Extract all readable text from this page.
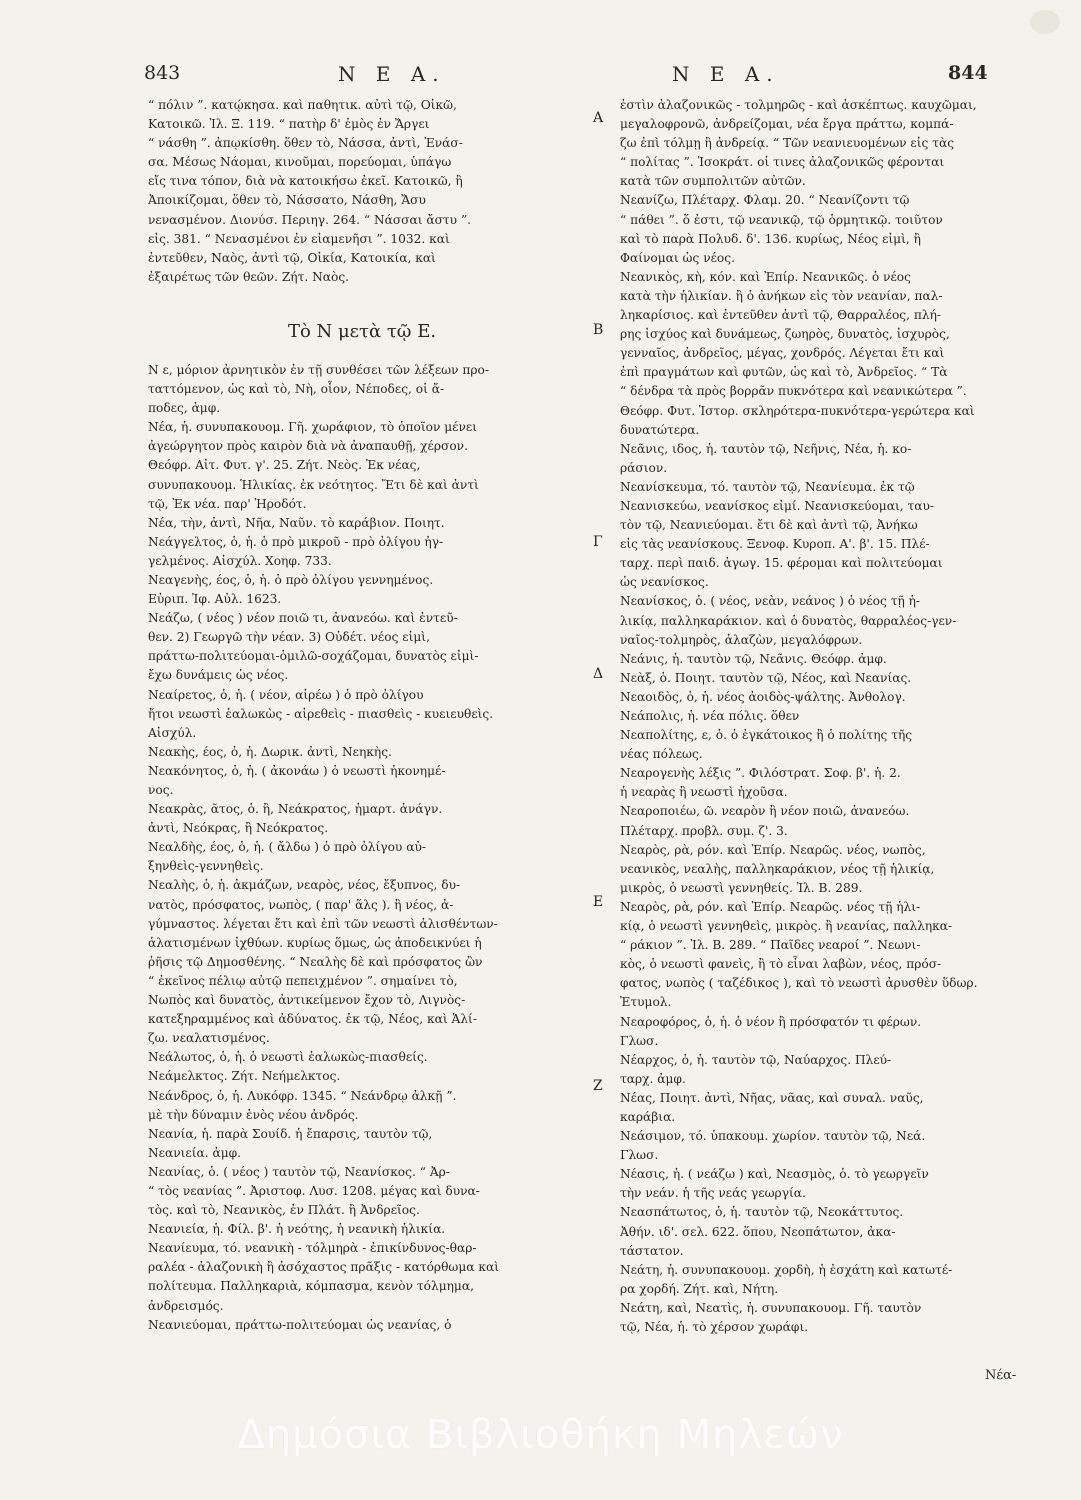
843	Ν Ε Α.	Ν Ε Α.	844

“ πόλιν ”. κατῴκησα. καὶ παθητικ. αὐτὶ τῷ, Οἰκῶ,

Κατοικῶ. Ἰλ. Ξ. 119. “ πατὴρ δ' ἐμὸς ἐν Ἄργει

“ νάσθη ”. ἀπῳκίσθη. ὅθεν τὸ, Νάσσα, ἀντὶ, Ἐνάσ-

σα. Μέσως Νάομαι, κινοῦμαι, πορεύομαι, ὑπάγω

εἴς τινα τόπον, διὰ νὰ κατοικήσω ἐκεῖ. Κατοικῶ, ἢ

Ἀποικίζομαι, ὅθεν τὸ, Νάσσατο, Νάσθη, Ἄσυ

νενασμένον. Διονύσ. Περιηγ. 264. “ Νάσσαι ἄστυ ”.

εἰς. 381. “ Νενασμένοι ἐν εἰαμενῆσι ”. 1032. καὶ

ἐντεῦθεν, Ναὸς, ἀντὶ τῷ, Οἰκία, Κατοικία, καὶ

ἐξαιρέτως τῶν θεῶν. Ζήτ. Ναὸς.

Τὸ Ν μετὰ τῷ Ε.

Ν ε, μόριον ἀρνητικὸν ἐν τῇ συνθέσει τῶν λέξεων προ-

ταττόμενον, ὡς καὶ τὸ, Νὴ, οἷον, Νέποδες, οἱ ἄ-

ποδες, ἀμφ.

Νέα, ἡ. συνυπακουομ. Γῆ. χωράφιον, τὸ ὁποῖον μένει

ἀγεώργητον πρὸς καιρὸν διὰ νὰ ἀναπαυθῇ, χέρσον.

Θεόφρ. Αἰτ. Φυτ. γ'. 25. Ζήτ. Νεὸς. Ἐκ νέας,

συνυπακουομ. Ἡλικίας. ἐκ νεότητος. Ἔτι δὲ καὶ ἀντὶ

τῷ, Ἐκ νέα. παρ' Ἡροδότ.

Νέα, τὴν, ἀντὶ, Νῆα, Ναῦν. τὸ καράβιον. Ποιητ.

Νεάγγελτος, ὁ, ἡ. ὁ πρὸ μικροῦ - πρὸ ὀλίγου ἠγ-

γελμένος. Αἰσχύλ. Χοηφ. 733.

Νεαγενὴς, έος, ὁ, ἡ. ὁ πρὸ ὀλίγου γεννημένος.

Εὐριπ. Ἰφ. Αὐλ. 1623.

Νεάζω, ( νέος ) νέον ποιῶ τι, ἀνανεόω. καὶ ἐντεῦ-

θεν. 2) Γεωργῶ τὴν νέαν. 3) Οὐδέτ. νέος εἰμὶ,

πράττω-πολιτεύομαι-ὁμιλῶ-σοχάζομαι, δυνατὸς εἰμὶ-

ἔχω δυνάμεις ὡς νέος.

Νεαίρετος, ὁ, ἡ. ( νέον, αἱρέω ) ὁ πρὸ ὀλίγου

ἤτοι νεωστὶ ἑαλωκὼς - αἱρεθεὶς - πιασθεὶς - κυειευθεὶς.

Αἰσχύλ.

Νεακὴς, έος, ὁ, ἡ. Δωρικ. ἀντὶ, Νεηκὴς.

Νεακόνητος, ὁ, ἡ. ( ἀκονάω ) ὁ νεωστὶ ἠκονημέ-

νος.

Νεακρὰς, ᾶτος, ὁ. ἢ, Νεάκρατος, ἡμαρτ. ἀνάγν.

ἀντὶ, Νεόκρας, ἢ Νεόκρατος.

Νεαλδὴς, έος, ὁ, ἡ. ( ἄλδω ) ὁ πρὸ ὀλίγου αὐ-

ξηνθεὶς-γεννηθεὶς.

Νεαλὴς, ὁ, ἡ. ἀκμάζων, νεαρὸς, νέος, ἔξυπνος, δυ-

νατὸς, πρόσφατος, νωπὸς, ( παρ' ἅλς ). ἢ νέος, ἀ-

γύμναστος. λέγεται ἔτι καὶ ἐπὶ τῶν νεωστὶ ἁλισθέντων-

ἁλατισμένων ἰχθύων. κυρίως ὅμως, ὡς ἀποδεικνύει ἡ

ῥῆσις τῷ Δημοσθένης. “ Νεαλὴς δὲ καὶ πρόσφατος ὢν

“ ἐκεῖνος πέλιῳ αὐτῷ πεπειχμένον ”. σημαίνει τὸ,

Νωπὸς καὶ δυνατὸς, ἀντικείμενον ἔχον τὸ, Λιγνὸς-

κατεξηραμμένος καὶ ἀδύνατος. ἐκ τῷ, Νέος, καὶ Ἁλί-

ζω. νεαλατισμένος.

Νεάλωτος, ὁ, ἡ. ὁ νεωστὶ ἑαλωκὼς-πιασθείς.

Νεάμελκτος. Ζήτ. Νεήμελκτος.

Νεάνδρος, ὁ, ἡ. Λυκόφρ. 1345. “ Νεάνδρῳ ἀλκῇ ”.

μὲ τὴν δύναμιν ἑνὸς νέου ἀνδρός.

Νεανία, ἡ. παρὰ Σουίδ. ἡ ἔπαρσις, ταυτὸν τῷ,

Νεανιεία. ἀμφ.

Νεανίας, ὁ. ( νέος ) ταυτὸν τῷ, Νεανίσκος. “ Ἀρ-

“ τὸς νεανίας ”. Ἀριστοφ. Λυσ. 1208. μέγας καὶ δυνα-

τὸς. καὶ τὸ, Νεανικὸς, ἐν Πλάτ. ἢ Ἀνδρεῖος.

Νεανιεία, ἡ. Φίλ. β'. ἡ νεότης, ἡ νεανικὴ ἡλικία.

Νεανίευμα, τό. νεανικὴ - τόλμηρὰ - ἐπικίνδυνος-θαρ-

ραλέα - ἀλαζονικὴ ἢ ἀσόχαστος πρᾶξις - κατόρθωμα καὶ

πολίτευμα. Παλληκαριὰ, κόμπασμα, κενὸν τόλμημα,

ἀνδρεισμός.

Νεανιεύομαι, πράττω-πολιτεύομαι ὡς νεανίας, ὁ

A
B
Γ
Δ
E
Z

ἐστὶν ἀλαζονικῶς - τολμηρῶς - καὶ ἀσκέπτως. καυχῶμαι,

μεγαλοφρονῶ, ἀνδρείζομαι, νέα ἔργα πράττω, κομπά-

ζω ἐπὶ τόλμῃ ἢ ἀνδρείᾳ. “ Τῶν νεανιευομένων εἰς τὰς

“ πολίτας ”. Ἰσοκράτ. οἱ τινες ἀλαζονικῶς φέρονται

κατὰ τῶν συμπολιτῶν αὐτῶν.

Νεανίζω, Πλέταρχ. Φλαμ. 20. “ Νεανίζοντι τῷ

“ πάθει ”. ὅ ἐστι, τῷ νεανικῷ, τῷ ὁρμητικῷ. τοιῦτον

καὶ τὸ παρὰ Πολυδ. δ'. 136. κυρίως, Νέος εἰμὶ, ἢ

Φαίνομαι ὡς νέος.

Νεανικὸς, κὴ, κόν. καὶ Ἐπίρ. Νεανικῶς. ὁ νέος

κατὰ τὴν ἡλικίαν. ἢ ὁ ἀνήκων εἰς τὸν νεανίαν, παλ-

ληκαρίσιος. καὶ ἐντεῦθεν ἀντὶ τῷ, Θαρραλέος, πλή-

ρης ἰσχύος καὶ δυνάμεως, ζωηρὸς, δυνατὸς, ἰσχυρὸς,

γενναῖος, ἀνδρεῖος, μέγας, χονδρός. Λέγεται ἔτι καὶ

ἐπὶ πραγμάτων καὶ φυτῶν, ὡς καὶ τὸ, Ἀνδρεῖος. “ Τὰ

“ δένδρα τὰ πρὸς βορρᾶν πυκνότερα καὶ νεανικώτερα ”.

Θεόφρ. Φυτ. Ἱστορ. σκληρότερα-πυκνότερα-γερώτερα καὶ

δυνατώτερα.

Νεᾶνις, ιδος, ἡ. ταυτὸν τῷ, Νεῆνις, Νέα, ἡ. κο-

ράσιον.

Νεανίσκευμα, τό. ταυτὸν τῷ, Νεανίευμα. ἐκ τῷ

Νεανισκεύω, νεανίσκος εἰμί. Νεανισκεύομαι, ταυ-

τὸν τῷ, Νεανιεύομαι. ἔτι δὲ καὶ ἀντὶ τῷ, Ἀνήκω

εἰς τὰς νεανίσκους. Ξενοφ. Κυροπ. Α'. β'. 15. Πλέ-

ταρχ. περὶ παιδ. ἀγωγ. 15. φέρομαι καὶ πολιτεύομαι

ὡς νεανίσκος.

Νεανίσκος, ὁ. ( νέος, νεὰν, νεάνος ) ὁ νέος τῇ ἡ-

λικίᾳ, παλληκαράκιον. καὶ ὁ δυνατὸς, θαρραλέος-γεν-

ναῖος-τολμηρὸς, ἀλαζὼν, μεγαλόφρων.

Νεάνις, ἡ. ταυτὸν τῷ, Νεᾶνις. Θεόφρ. ἀμφ.

Νεὰξ, ὁ. Ποιητ. ταυτὸν τῷ, Νέος, καὶ Νεανίας.

Νεαοιδὸς, ὁ, ἡ. νέος ἀοιδὸς-ψάλτης. Ἀνθολογ.

Νεάπολις, ἡ. νέα πόλις. ὅθεν

Νεαπολίτης, ε, ὁ. ὁ ἐγκάτοικος ἢ ὁ πολίτης τῆς

νέας πόλεως.

Νεαρογενὴς λέξις ”. Φιλόστρατ. Σοφ. β'. ἡ. 2.

ἡ νεαρὰς ἢ νεωστὶ ἠχοῦσα.

Νεαροποιέω, ῶ. νεαρὸν ἢ νέον ποιῶ, ἀνανεόω.

Πλέταρχ. προβλ. συμ. ζ'. 3.

Νεαρὸς, ρὰ, ρόν. καὶ Ἐπίρ. Νεαρῶς. νέος, νωπὸς,

νεανικὸς, νεαλὴς, παλληκαράκιον, νέος τῇ ἡλικίᾳ,

μικρὸς, ὁ νεωστὶ γεννηθείς. Ἰλ. Β. 289.

Νεαρὸς, ρὰ, ρόν. καὶ Ἐπίρ. Νεαρῶς. νέος τῇ ἡλι-

κίᾳ, ὁ νεωστὶ γεννηθεὶς, μικρὸς. ἢ νεανίας, παλληκα-

“ ράκιον ”. Ἰλ. Β. 289. “ Παῖδες νεαροί ”. Νεωνι-

κὸς, ὁ νεωστὶ φανεὶς, ἢ τὸ εἶναι λαβὼν, νέος, πρόσ-

φατος, νωπὸς ( ταζέδικος ), καὶ τὸ νεωστὶ ἀρυσθὲν ὕδωρ.

Ἐτυμολ.

Νεαροφόρος, ὁ, ἡ. ὁ νέον ἢ πρόσφατόν τι φέρων.

Γλωσ.

Νέαρχος, ὁ, ἡ. ταυτὸν τῷ, Ναύαρχος. Πλεύ-

ταρχ. ἀμφ.

Νέας, Ποιητ. ἀντὶ, Νῆας, νᾶας, καὶ συναλ. ναῦς,

καράβια.

Νεάσιμον, τό. ὑπακουμ. χωρίον. ταυτὸν τῷ, Νεά.

Γλωσ.

Νέασις, ἡ. ( νεάζω ) καὶ, Νεασμὸς, ὁ. τὸ γεωργεῖν

τὴν νεάν. ἡ τῆς νεάς γεωργία.

Νεασπάτωτος, ὁ, ἡ. ταυτὸν τῷ, Νεοκάττυτος.

Ἀθήν. ιδ'. σελ. 622. ὅπου, Νεοπάτωτον, ἀκα-

τάστατον.

Νεάτη, ἡ. συνυπακουομ. χορδὴ, ἡ ἐσχάτη καὶ κατωτέ-

ρα χορδή. Ζήτ. καὶ, Νήτη.

Νεάτη, καὶ, Νεατὶς, ἡ. συνυπακουομ. Γῆ. ταυτὸν

τῷ, Νέα, ἡ. τὸ χέρσον χωράφι.

Νέα-
Δημόσια Βιβλιοθήκη Μηλεών
